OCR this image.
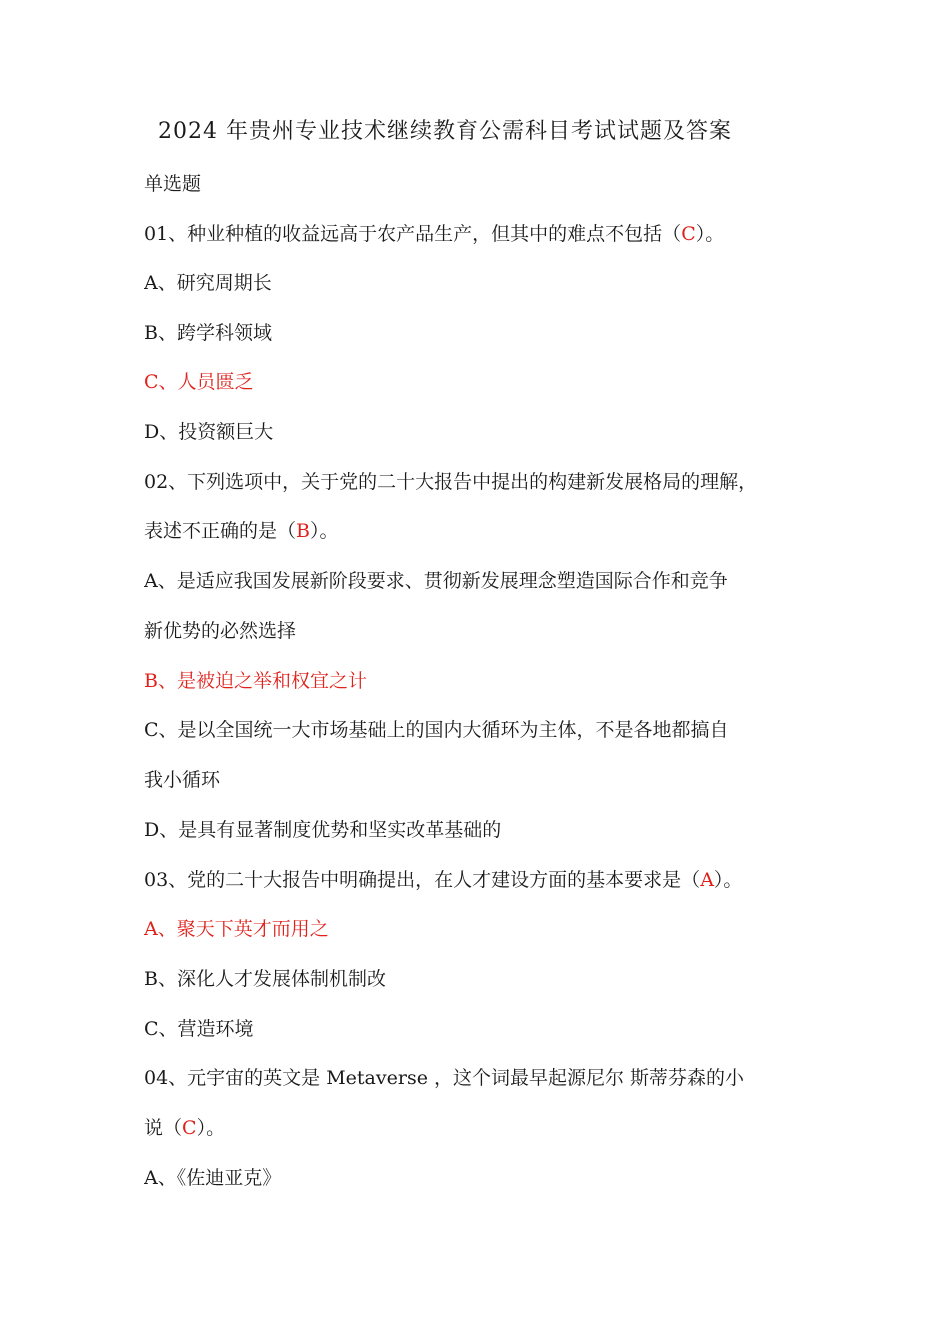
2024 年贵州专业技术继续教育公需科目考试试题及答案
单选题
01、种业种植的收益远高于农产品生产，但其中的难点不包括（C）。
A、研究周期长
B、跨学科领域
C、人员匮乏
D、投资额巨大
02、下列选项中，关于党的二十大报告中提出的构建新发展格局的理解，
表述不正确的是（B）。
A、是适应我国发展新阶段要求、贯彻新发展理念塑造国际合作和竞争
新优势的必然选择
B、是被迫之举和权宜之计
C、是以全国统一大市场基础上的国内大循环为主体，不是各地都搞自
我小循环
D、是具有显著制度优势和坚实改革基础的
03、党的二十大报告中明确提出，在人才建设方面的基本要求是（A）。
A、聚天下英才而用之
B、深化人才发展体制机制改
C、营造环境
04、元宇宙的英文是 Metaverse ，这个词最早起源尼尔 斯蒂芬森的小
说（C）。
A、《佐迪亚克》
